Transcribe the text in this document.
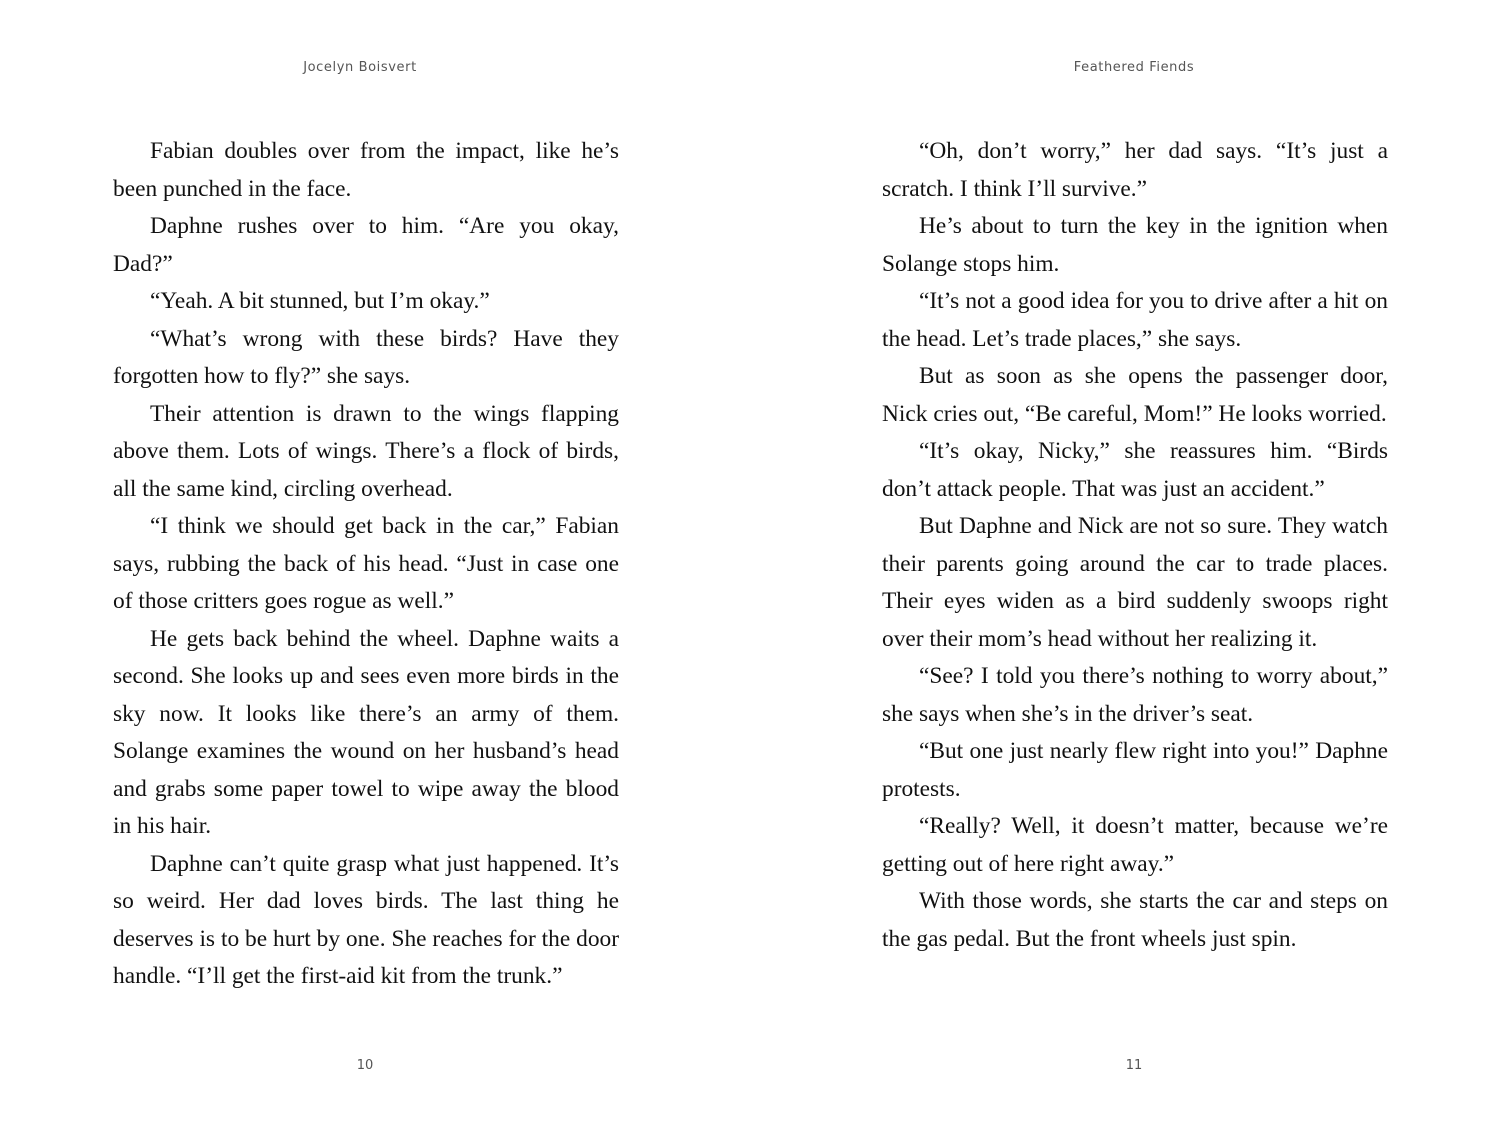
Jocelyn Boisvert

Fabian doubles over from the impact, like he’s been punched in the face.

Daphne rushes over to him. “Are you okay, Dad?”

“Yeah. A bit stunned, but I’m okay.”

“What’s wrong with these birds? Have they forgotten how to fly?” she says.

Their attention is drawn to the wings flapping above them. Lots of wings. There’s a flock of birds, all the same kind, circling overhead.

“I think we should get back in the car,” Fabian says, rubbing the back of his head. “Just in case one of those critters goes rogue as well.”

He gets back behind the wheel. Daphne waits a second. She looks up and sees even more birds in the sky now. It looks like there’s an army of them. Solange examines the wound on her husband’s head and grabs some paper towel to wipe away the blood in his hair.

Daphne can’t quite grasp what just happened. It’s so weird. Her dad loves birds. The last thing he deserves is to be hurt by one. She reaches for the door handle. “I’ll get the first-aid kit from the trunk.”

10
Feathered Fiends

“Oh, don’t worry,” her dad says. “It’s just a scratch. I think I’ll survive.”

He’s about to turn the key in the ignition when Solange stops him.

“It’s not a good idea for you to drive after a hit on the head. Let’s trade places,” she says.

But as soon as she opens the passenger door, Nick cries out, “Be careful, Mom!” He looks worried.

“It’s okay, Nicky,” she reassures him. “Birds don’t attack people. That was just an accident.”

But Daphne and Nick are not so sure. They watch their parents going around the car to trade places. Their eyes widen as a bird suddenly swoops right over their mom’s head without her realizing it.

“See? I told you there’s nothing to worry about,” she says when she’s in the driver’s seat.

“But one just nearly flew right into you!” Daphne protests.

“Really? Well, it doesn’t matter, because we’re getting out of here right away.”

With those words, she starts the car and steps on the gas pedal. But the front wheels just spin.

11
